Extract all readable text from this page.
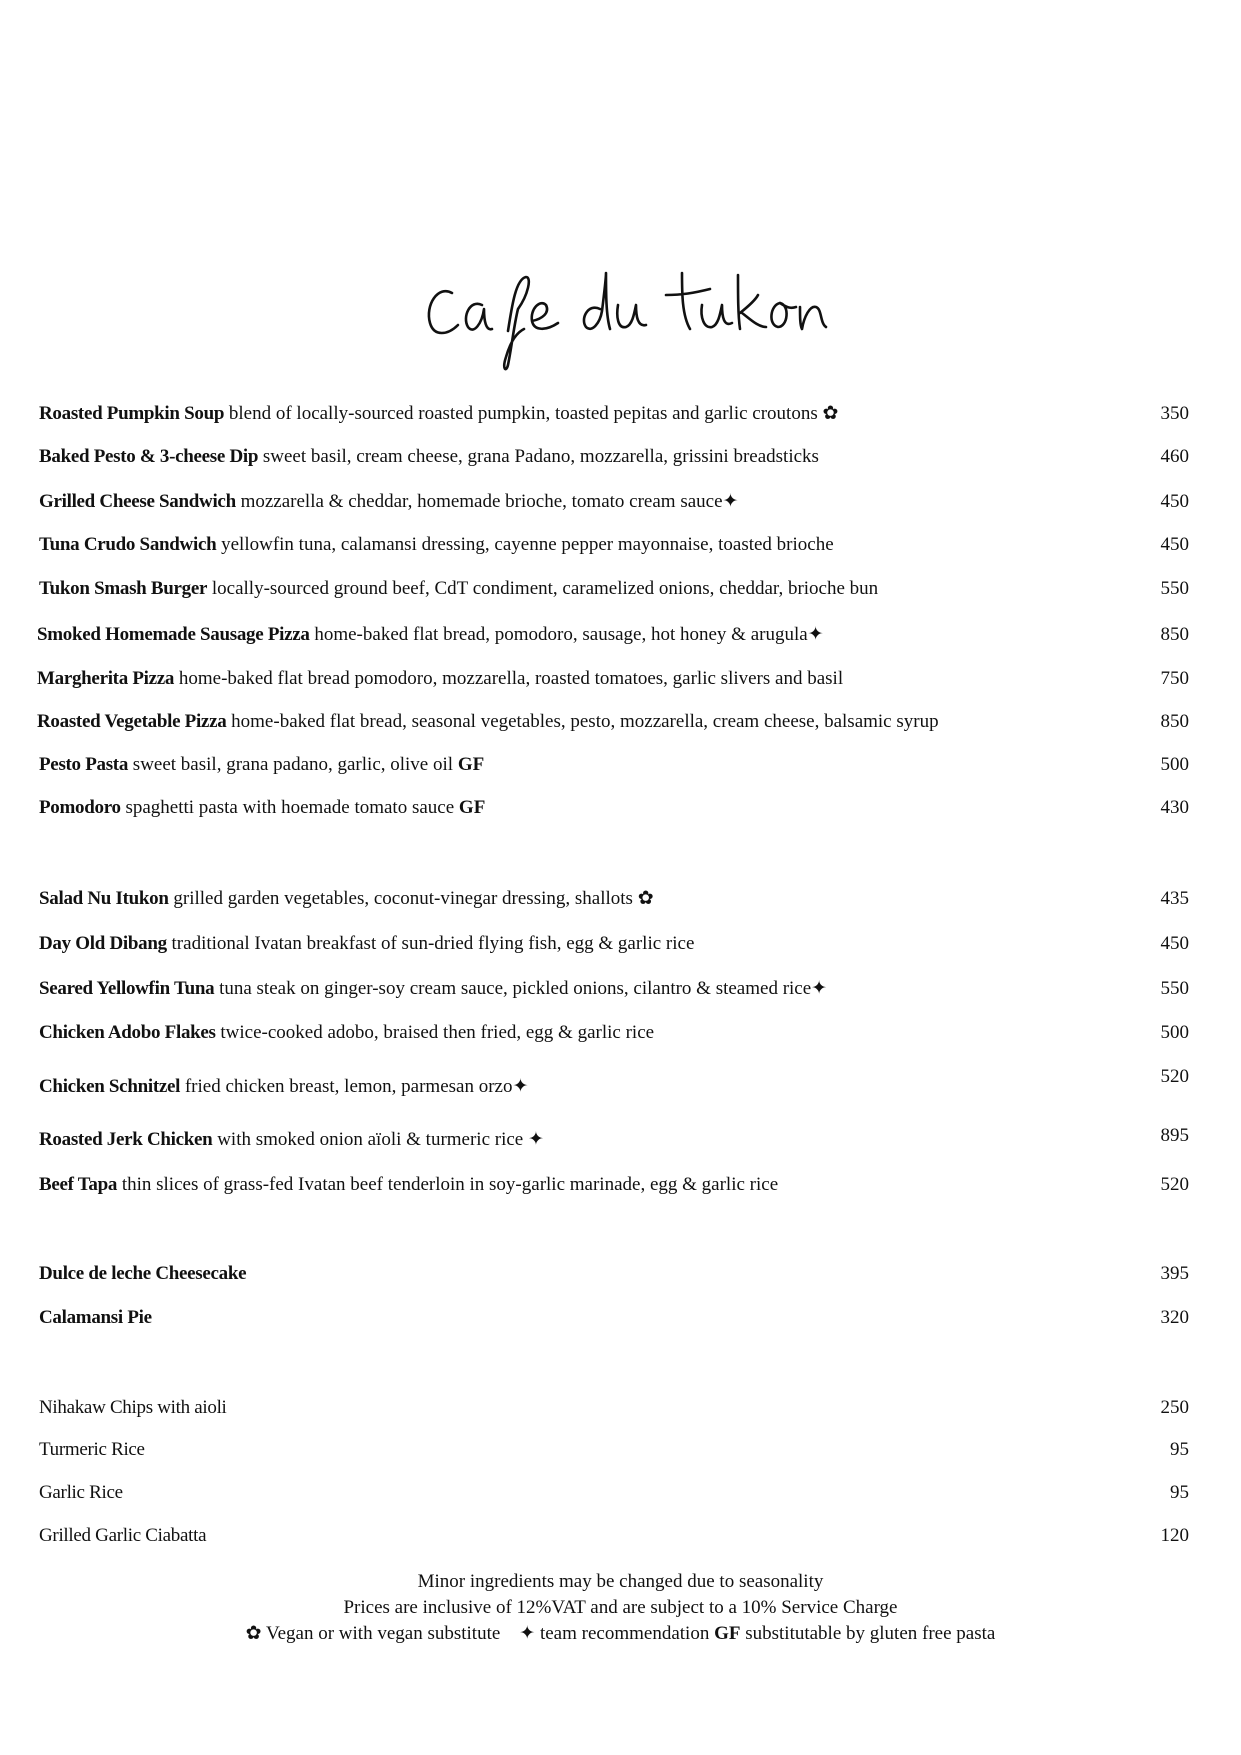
Roasted Pumpkin Soup blend of locally-sourced roasted pumpkin, toasted pepitas and garlic croutons ✿	350
Baked Pesto & 3-cheese Dip sweet basil, cream cheese, grana Padano, mozzarella, grissini breadsticks	460
Grilled Cheese Sandwich mozzarella & cheddar, homemade brioche, tomato cream sauce✦	450
Tuna Crudo Sandwich yellowfin tuna, calamansi dressing, cayenne pepper mayonnaise, toasted brioche	450
Tukon Smash Burger locally-sourced ground beef, CdT condiment, caramelized onions, cheddar, brioche bun	550
Smoked Homemade Sausage Pizza home-baked flat bread, pomodoro, sausage, hot honey & arugula✦	850
Margherita Pizza home-baked flat bread pomodoro, mozzarella, roasted tomatoes, garlic slivers and basil	750
Roasted Vegetable Pizza home-baked flat bread, seasonal vegetables, pesto, mozzarella, cream cheese, balsamic syrup	850
Pesto Pasta sweet basil, grana padano, garlic, olive oil GF	500
Pomodoro spaghetti pasta with hoemade tomato sauce GF	430
Salad Nu Itukon grilled garden vegetables, coconut-vinegar dressing, shallots ✿	435
Day Old Dibang traditional Ivatan breakfast of sun-dried flying fish, egg & garlic rice	450
Seared Yellowfin Tuna tuna steak on ginger-soy cream sauce, pickled onions, cilantro & steamed rice✦	550
Chicken Adobo Flakes twice-cooked adobo, braised then fried, egg & garlic rice	500
Chicken Schnitzel fried chicken breast, lemon, parmesan orzo✦	520
Roasted Jerk Chicken with smoked onion aïoli & turmeric rice ✦	895
Beef Tapa thin slices of grass-fed Ivatan beef tenderloin in soy-garlic marinade, egg & garlic rice	520
Dulce de leche Cheesecake	395
Calamansi Pie	320
Nihakaw Chips with aioli	250
Turmeric Rice	95
Garlic Rice	95
Grilled Garlic Ciabatta	120
Minor ingredients may be changed due to seasonality
Prices are inclusive of 12%VAT and are subject to a 10% Service Charge
✿ Vegan or with vegan substitute ✦ team recommendation GF substitutable by gluten free pasta
